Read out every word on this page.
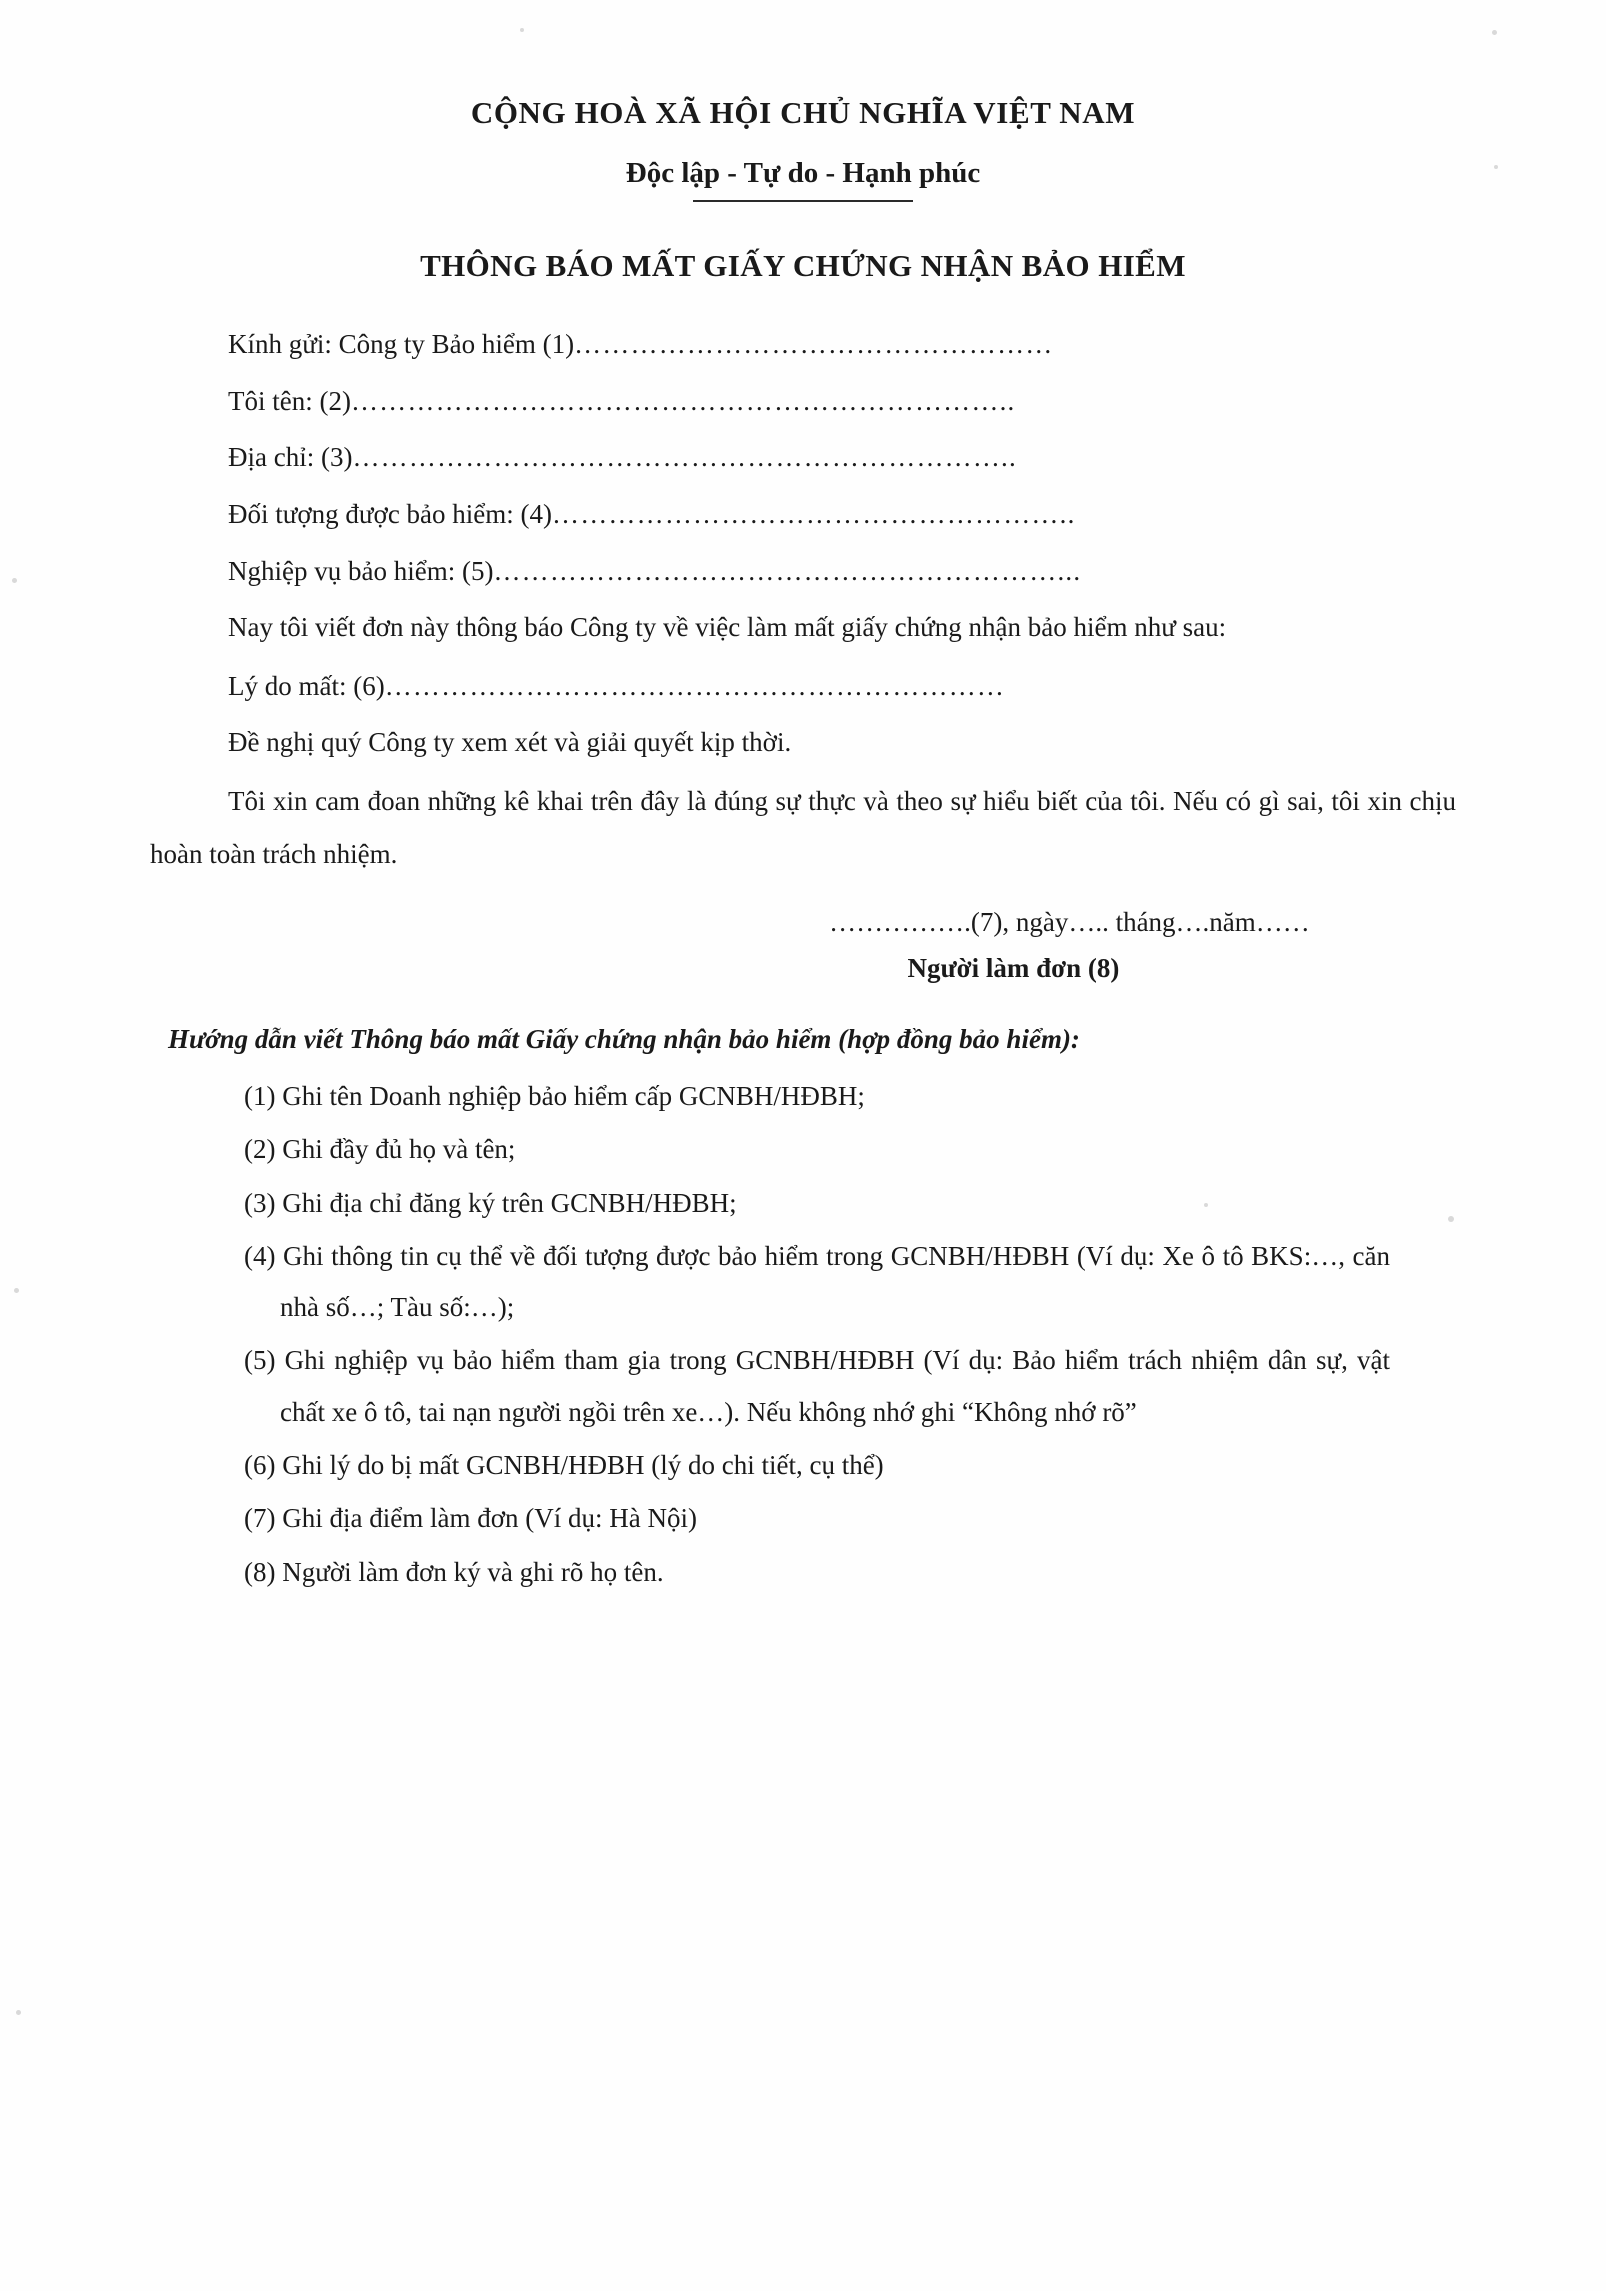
CỘNG HOÀ XÃ HỘI CHỦ NGHĨA VIỆT NAM
Độc lập - Tự do - Hạnh phúc
THÔNG BÁO MẤT GIẤY CHỨNG NHẬN BẢO HIỂM
Kính gửi: Công ty Bảo hiểm (1)……………………………………………
Tôi tên: (2)……………………………………………………………..
Địa chỉ: (3)……………………………………………………………..
Đối tượng được bảo hiểm: (4)………………………………………………..
Nghiệp vụ bảo hiểm: (5)……………………………………………………...

Nay tôi viết đơn này thông báo Công ty về việc làm mất giấy chứng nhận bảo hiểm như sau:

Lý do mất: (6)…………………………………………………………

Đề nghị quý Công ty xem xét và giải quyết kịp thời.

Tôi xin cam đoan những kê khai trên đây là đúng sự thực và theo sự hiểu biết của tôi. Nếu có gì sai, tôi xin chịu hoàn toàn trách nhiệm.

…………….(7), ngày….. tháng….năm……
Người làm đơn (8)
Hướng dẫn viết Thông báo mất Giấy chứng nhận bảo hiểm (hợp đồng bảo hiểm):
(1) Ghi tên Doanh nghiệp bảo hiểm cấp GCNBH/HĐBH;
(2) Ghi đầy đủ họ và tên;
(3) Ghi địa chỉ đăng ký trên GCNBH/HĐBH;
(4) Ghi thông tin cụ thể về đối tượng được bảo hiểm trong GCNBH/HĐBH (Ví dụ: Xe ô tô BKS:…, căn nhà số…; Tàu số:…);
(5) Ghi nghiệp vụ bảo hiểm tham gia trong GCNBH/HĐBH (Ví dụ: Bảo hiểm trách nhiệm dân sự, vật chất xe ô tô, tai nạn người ngồi trên xe…). Nếu không nhớ ghi “Không nhớ rõ”
(6) Ghi lý do bị mất GCNBH/HĐBH (lý do chi tiết, cụ thể)
(7) Ghi địa điểm làm đơn (Ví dụ: Hà Nội)
(8) Người làm đơn ký và ghi rõ họ tên.
